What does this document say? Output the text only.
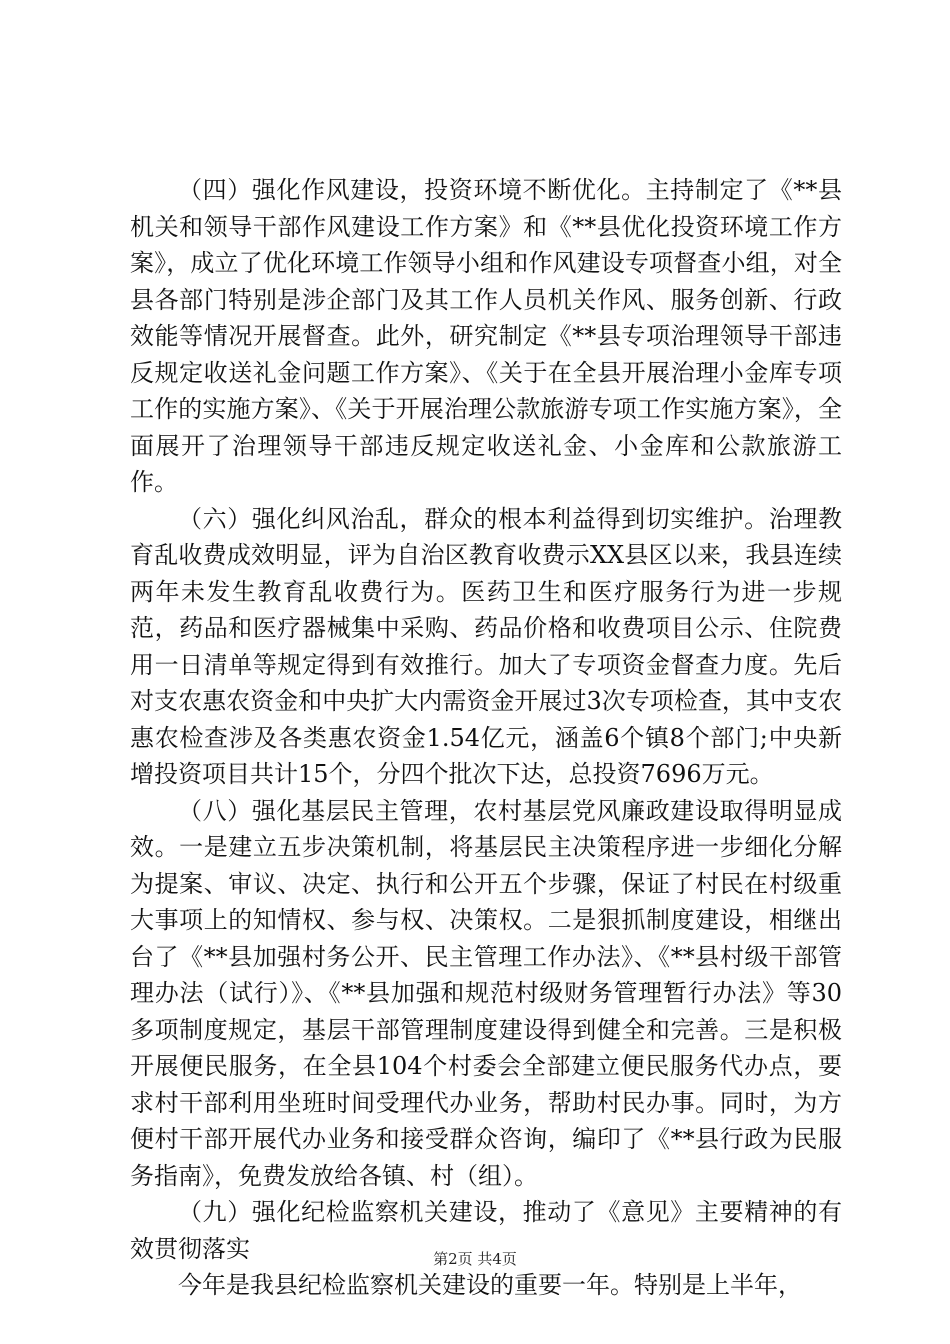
（四）强化作风建设，投资环境不断优化。主持制定了《**县机关和领导干部作风建设工作方案》和《**县优化投资环境工作方案》，成立了优化环境工作领导小组和作风建设专项督查小组，对全县各部门特别是涉企部门及其工作人员机关作风、服务创新、行政效能等情况开展督查。此外，研究制定《**县专项治理领导干部违反规定收送礼金问题工作方案》、《关于在全县开展治理小金库专项工作的实施方案》、《关于开展治理公款旅游专项工作实施方案》，全面展开了治理领导干部违反规定收送礼金、小金库和公款旅游工作。

（六）强化纠风治乱，群众的根本利益得到切实维护。治理教育乱收费成效明显，评为自治区教育收费示XX县区以来，我县连续两年未发生教育乱收费行为。医药卫生和医疗服务行为进一步规范，药品和医疗器械集中采购、药品价格和收费项目公示、住院费用一日清单等规定得到有效推行。加大了专项资金督查力度。先后对支农惠农资金和中央扩大内需资金开展过3次专项检查，其中支农惠农检查涉及各类惠农资金1.54亿元，涵盖6个镇8个部门;中央新增投资项目共计15个，分四个批次下达，总投资7696万元。

（八）强化基层民主管理，农村基层党风廉政建设取得明显成效。一是建立五步决策机制，将基层民主决策程序进一步细化分解为提案、审议、决定、执行和公开五个步骤，保证了村民在村级重大事项上的知情权、参与权、决策权。二是狠抓制度建设，相继出台了《**县加强村务公开、民主管理工作办法》、《**县村级干部管理办法（试行）》、《**县加强和规范村级财务管理暂行办法》等30多项制度规定，基层干部管理制度建设得到健全和完善。三是积极开展便民服务，在全县104个村委会全部建立便民服务代办点，要求村干部利用坐班时间受理代办业务，帮助村民办事。同时，为方便村干部开展代办业务和接受群众咨询，编印了《**县行政为民服务指南》，免费发放给各镇、村（组）。

（九）强化纪检监察机关建设，推动了《意见》主要精神的有效贯彻落实

今年是我县纪检监察机关建设的重要一年。特别是上半年，

第2页 共4页
